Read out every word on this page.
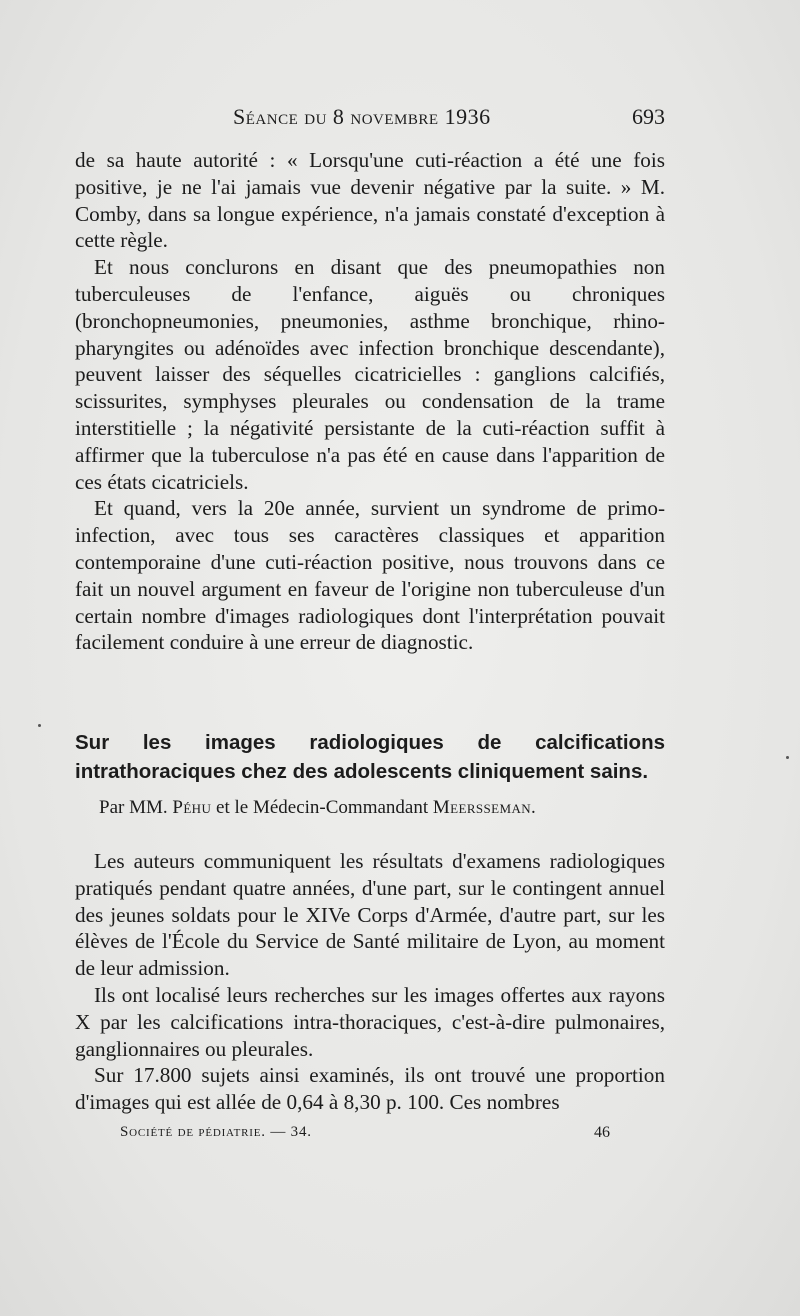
Séance du 8 novembre 1936	693

de sa haute autorité : « Lorsqu'une cuti-réaction a été une fois positive, je ne l'ai jamais vue devenir négative par la suite. » M. Comby, dans sa longue expérience, n'a jamais constaté d'exception à cette règle.

Et nous conclurons en disant que des pneumopathies non tuberculeuses de l'enfance, aiguës ou chroniques (bronchopneumonies, pneumonies, asthme bronchique, rhino-pharyngites ou adénoïdes avec infection bronchique descendante), peuvent laisser des séquelles cicatricielles : ganglions calcifiés, scissurites, symphyses pleurales ou condensation de la trame interstitielle ; la négativité persistante de la cuti-réaction suffit à affirmer que la tuberculose n'a pas été en cause dans l'apparition de ces états cicatriciels.

Et quand, vers la 20e année, survient un syndrome de primo-infection, avec tous ses caractères classiques et apparition contemporaine d'une cuti-réaction positive, nous trouvons dans ce fait un nouvel argument en faveur de l'origine non tuberculeuse d'un certain nombre d'images radiologiques dont l'interprétation pouvait facilement conduire à une erreur de diagnostic.

Sur les images radiologiques de calcifications intrathoraciques chez des adolescents cliniquement sains.
Par MM. Péhu et le Médecin-Commandant Meersseman.

Les auteurs communiquent les résultats d'examens radiologiques pratiqués pendant quatre années, d'une part, sur le contingent annuel des jeunes soldats pour le XIVe Corps d'Armée, d'autre part, sur les élèves de l'École du Service de Santé militaire de Lyon, au moment de leur admission.

Ils ont localisé leurs recherches sur les images offertes aux rayons X par les calcifications intra-thoraciques, c'est-à-dire pulmonaires, ganglionnaires ou pleurales.

Sur 17.800 sujets ainsi examinés, ils ont trouvé une proportion d'images qui est allée de 0,64 à 8,30 p. 100. Ces nombres

Société de pédiatrie. — 34.	46
